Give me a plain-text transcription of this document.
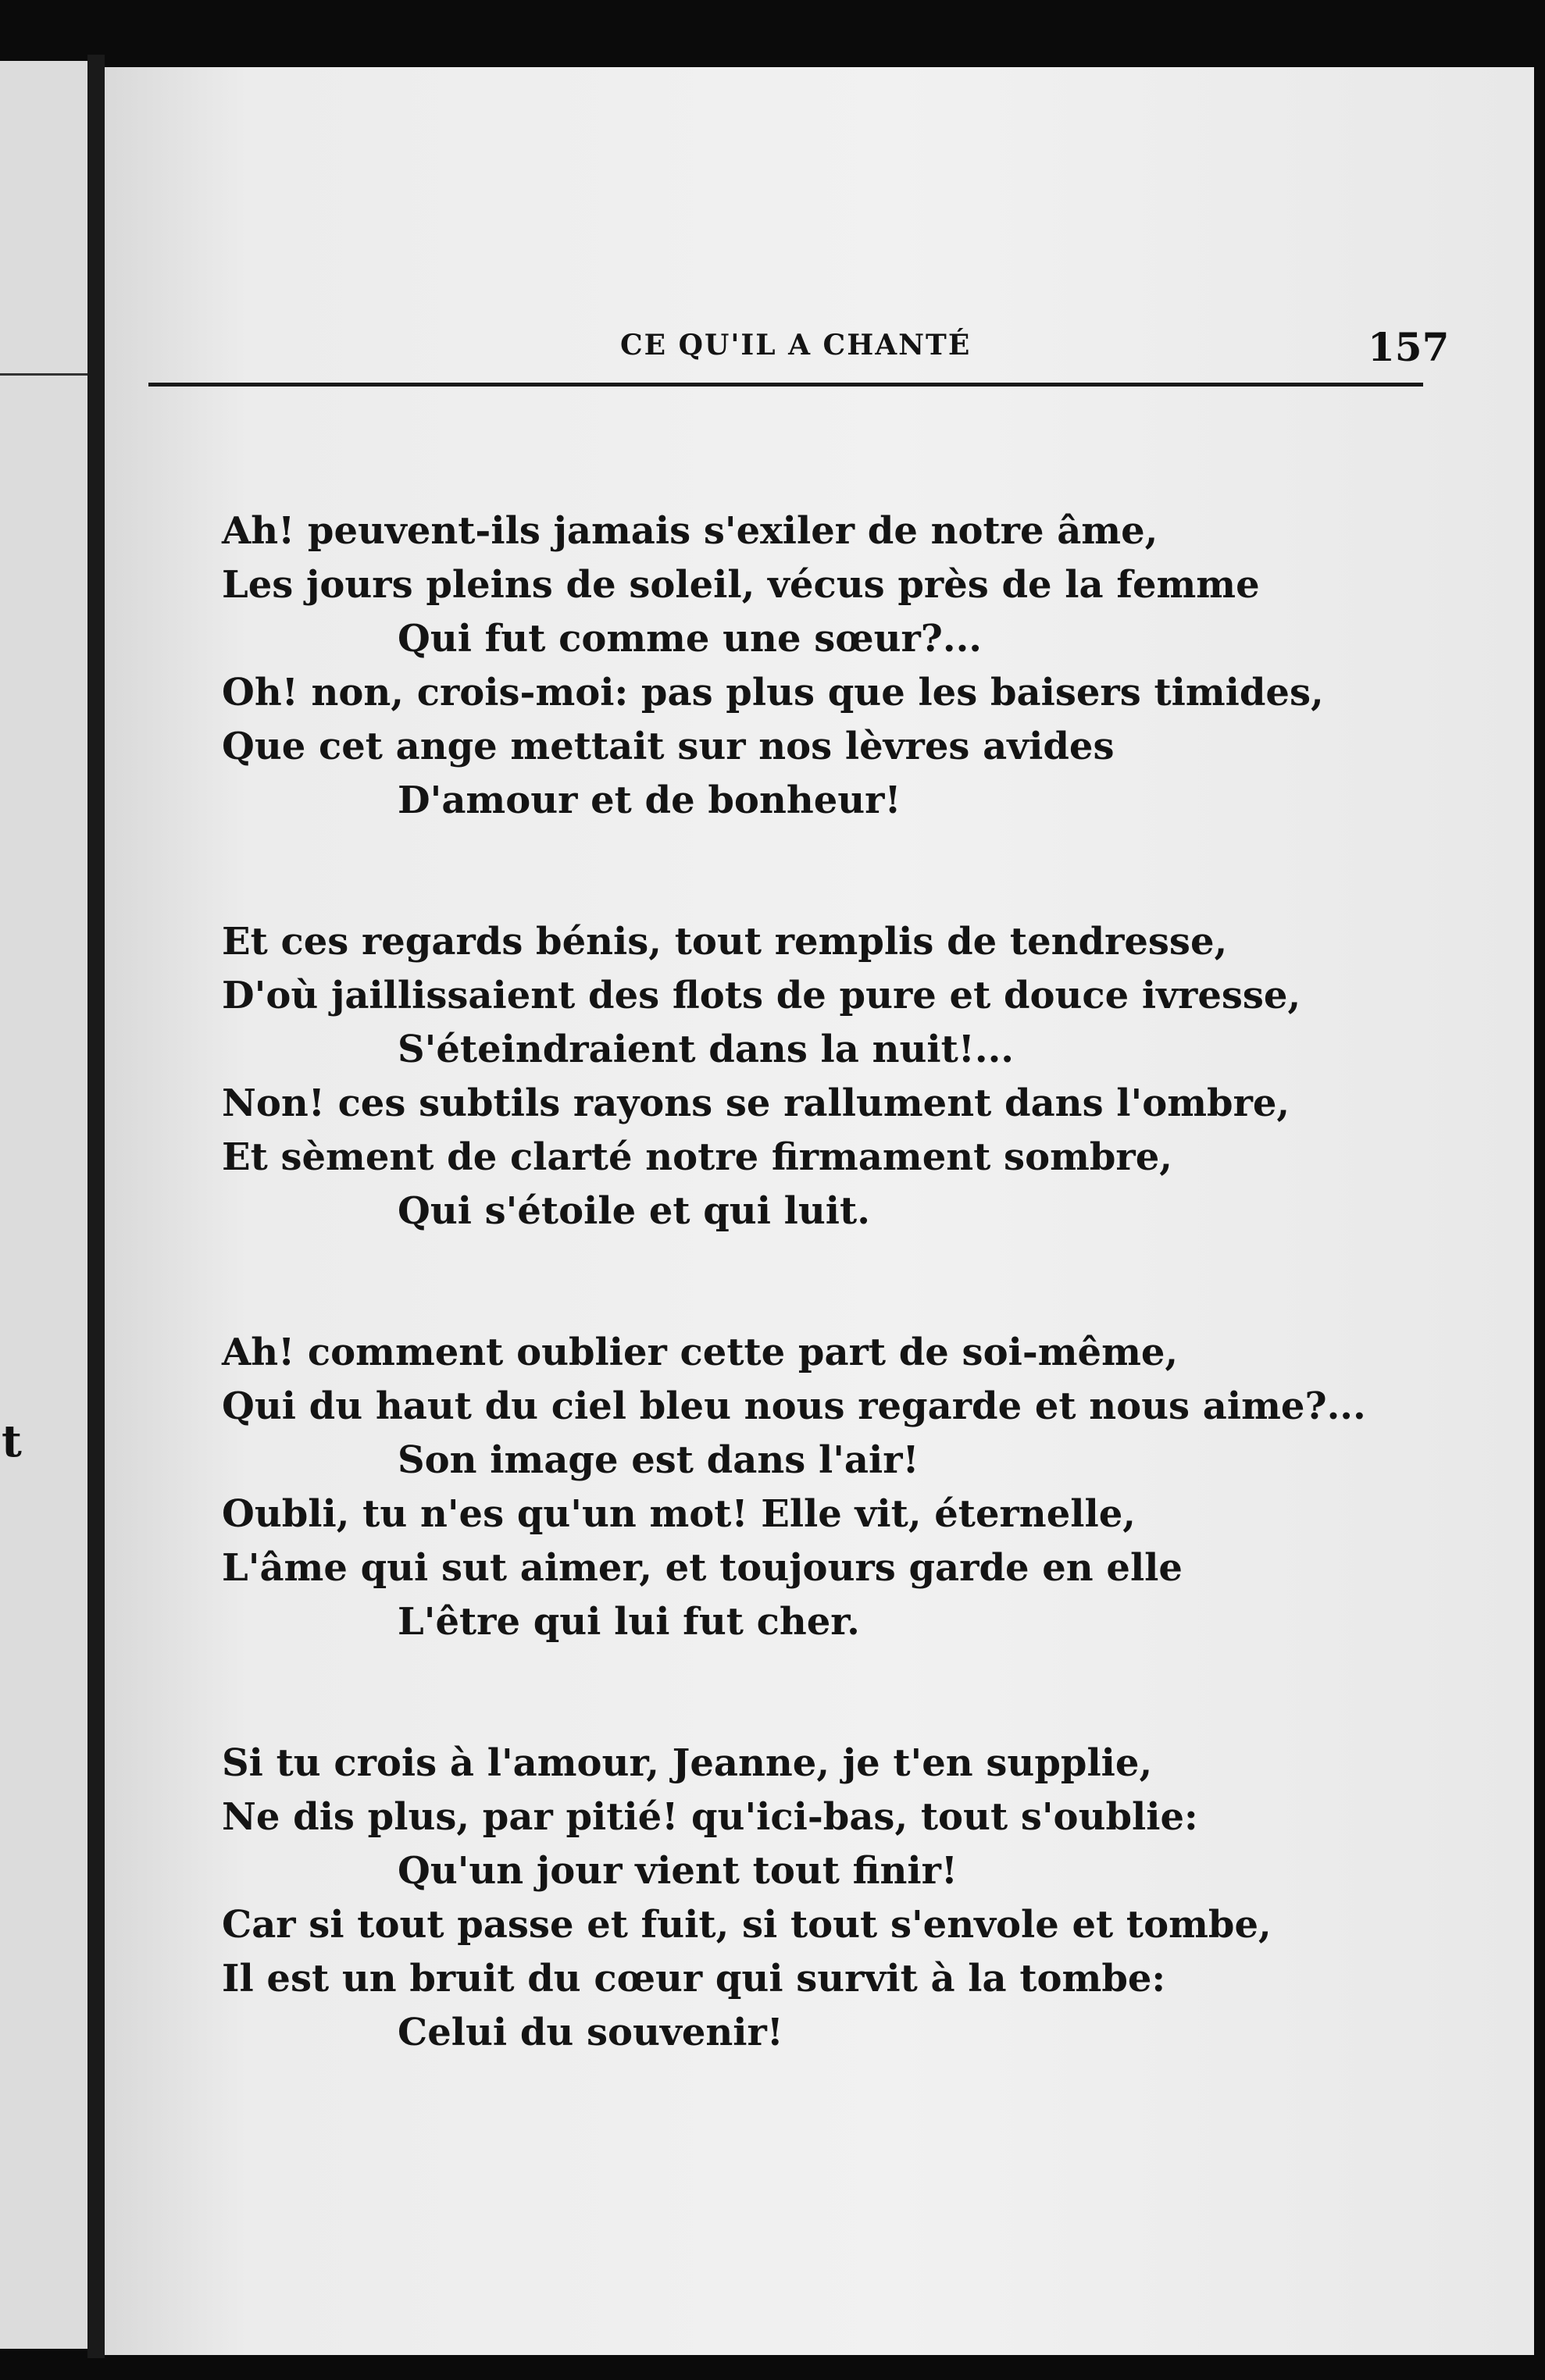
t
CE QU'IL A CHANTÉ	157
Ah! peuvent-ils jamais s'exiler de notre âme,
Les jours pleins de soleil, vécus près de la femme
Qui fut comme une sœur?...
Oh! non, crois-moi: pas plus que les baisers timides,
Que cet ange mettait sur nos lèvres avides
D'amour et de bonheur!
Et ces regards bénis, tout remplis de tendresse,
D'où jaillissaient des flots de pure et douce ivresse,
S'éteindraient dans la nuit!...
Non! ces subtils rayons se rallument dans l'ombre,
Et sèment de clarté notre firmament sombre,
Qui s'étoile et qui luit.
Ah! comment oublier cette part de soi-même,
Qui du haut du ciel bleu nous regarde et nous aime?...
Son image est dans l'air!
Oubli, tu n'es qu'un mot! Elle vit, éternelle,
L'âme qui sut aimer, et toujours garde en elle
L'être qui lui fut cher.
Si tu crois à l'amour, Jeanne, je t'en supplie,
Ne dis plus, par pitié! qu'ici-bas, tout s'oublie:
Qu'un jour vient tout finir!
Car si tout passe et fuit, si tout s'envole et tombe,
Il est un bruit du cœur qui survit à la tombe:
Celui du souvenir!
